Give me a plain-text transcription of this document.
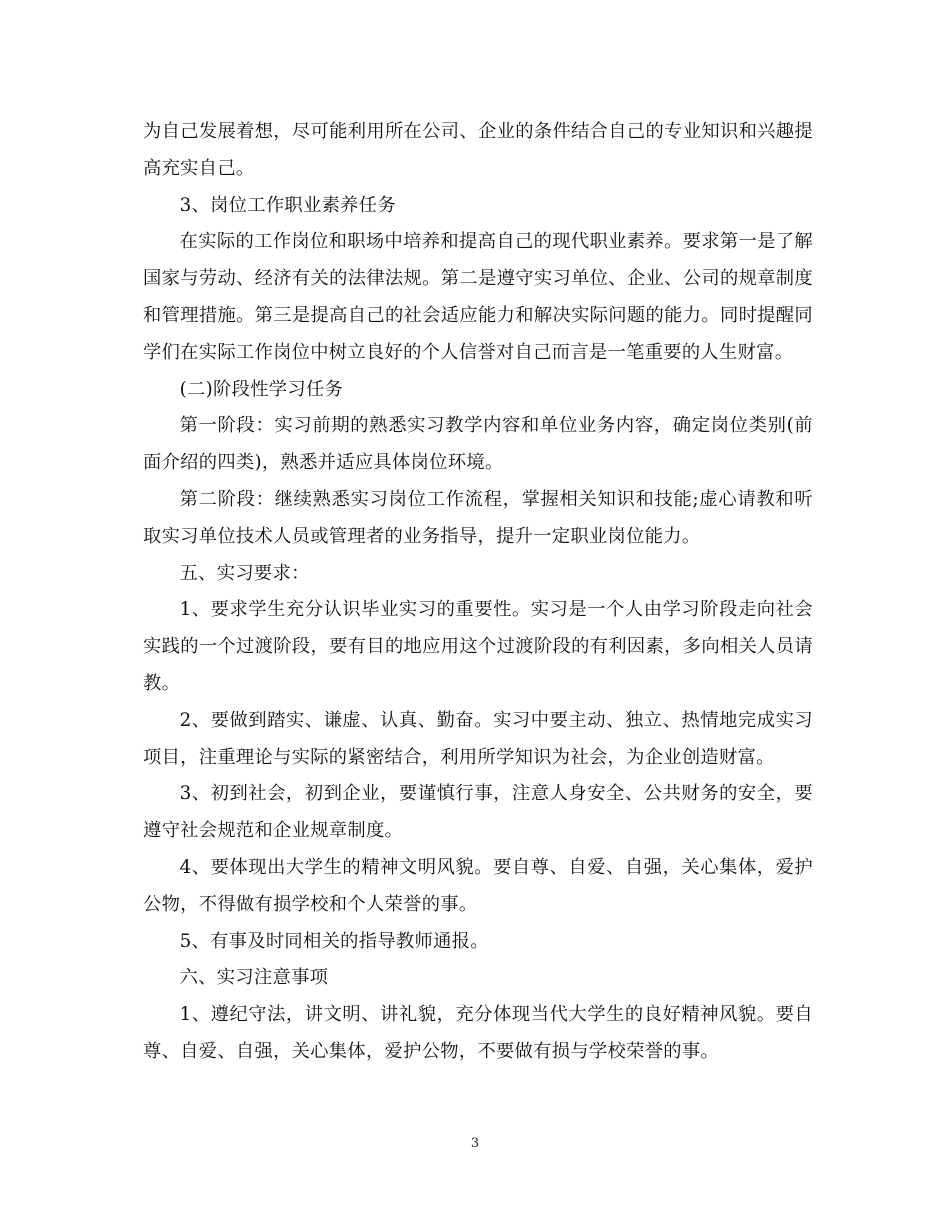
为自己发展着想，尽可能利用所在公司、企业的条件结合自己的专业知识和兴趣提高充实自己。

3、岗位工作职业素养任务

在实际的工作岗位和职场中培养和提高自己的现代职业素养。要求第一是了解国家与劳动、经济有关的法律法规。第二是遵守实习单位、企业、公司的规章制度和管理措施。第三是提高自己的社会适应能力和解决实际问题的能力。同时提醒同学们在实际工作岗位中树立良好的个人信誉对自己而言是一笔重要的人生财富。

(二)阶段性学习任务

第一阶段：实习前期的熟悉实习教学内容和单位业务内容，确定岗位类别(前面介绍的四类)，熟悉并适应具体岗位环境。

第二阶段：继续熟悉实习岗位工作流程，掌握相关知识和技能;虚心请教和听取实习单位技术人员或管理者的业务指导，提升一定职业岗位能力。

五、实习要求：

1、要求学生充分认识毕业实习的重要性。实习是一个人由学习阶段走向社会实践的一个过渡阶段，要有目的地应用这个过渡阶段的有利因素，多向相关人员请教。

2、要做到踏实、谦虚、认真、勤奋。实习中要主动、独立、热情地完成实习项目，注重理论与实际的紧密结合，利用所学知识为社会，为企业创造财富。

3、初到社会，初到企业，要谨慎行事，注意人身安全、公共财务的安全，要遵守社会规范和企业规章制度。

4、要体现出大学生的精神文明风貌。要自尊、自爱、自强，关心集体，爱护公物，不得做有损学校和个人荣誉的事。

5、有事及时同相关的指导教师通报。

六、实习注意事项

1、遵纪守法，讲文明、讲礼貌，充分体现当代大学生的良好精神风貌。要自尊、自爱、自强，关心集体，爱护公物，不要做有损与学校荣誉的事。

3
